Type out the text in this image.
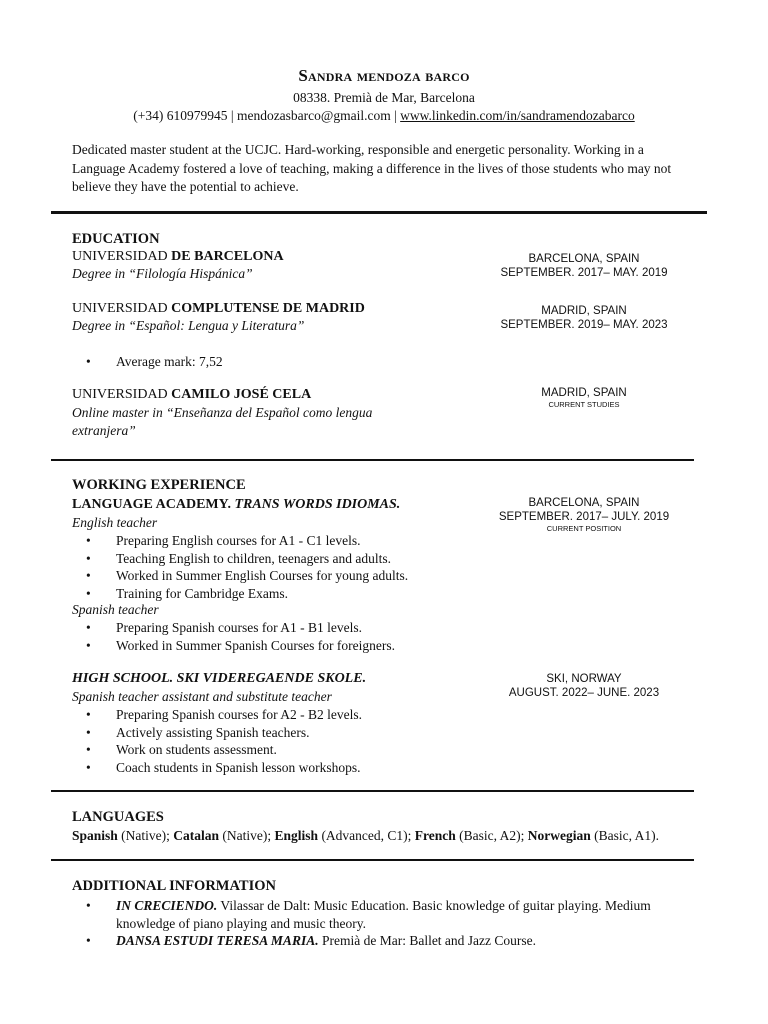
Sandra mendoza barco
08338. Premià de Mar, Barcelona
(+34) 610979945 | mendozasbarco@gmail.com | www.linkedin.com/in/sandramendozabarco
Dedicated master student at the UCJC. Hard-working, responsible and energetic personality. Working in a Language Academy fostered a love of teaching, making a difference in the lives of those students who may not believe they have the potential to achieve.
EDUCATION
UNIVERSIDAD DE BARCELONA
Degree in “Filología Hispánica”
BARCELONA, SPAIN
SEPTEMBER. 2017– MAY. 2019
UNIVERSIDAD COMPLUTENSE DE MADRID
Degree in “Español: Lengua y Literatura”
MADRID, SPAIN
SEPTEMBER. 2019– MAY. 2023
• Average mark: 7,52
UNIVERSIDAD CAMILO JOSÉ CELA
Online master in “Enseñanza del Español como lengua
extranjera”
MADRID, SPAIN
CURRENT STUDIES
WORKING EXPERIENCE
LANGUAGE ACADEMY. TRANS WORDS IDIOMAS.	BARCELONA, SPAIN
SEPTEMBER. 2017– JULY. 2019
CURRENT POSITION
English teacher
• Preparing English courses for A1 - C1 levels.
• Teaching English to children, teenagers and adults.
• Worked in Summer English Courses for young adults.
• Training for Cambridge Exams.
Spanish teacher
• Preparing Spanish courses for A1 - B1 levels.
• Worked in Summer Spanish Courses for foreigners.
HIGH SCHOOL. SKI VIDEREGAENDE SKOLE.	SKI, NORWAY
AUGUST. 2022– JUNE. 2023
Spanish teacher assistant and substitute teacher
• Preparing Spanish courses for A2 - B2 levels.
• Actively assisting Spanish teachers.
• Work on students assessment.
• Coach students in Spanish lesson workshops.
LANGUAGES
Spanish (Native); Catalan (Native); English (Advanced, C1); French (Basic, A2); Norwegian (Basic, A1).
ADDITIONAL INFORMATION
• IN CRECIENDO. Vilassar de Dalt: Music Education. Basic knowledge of guitar playing. Medium knowledge of piano playing and music theory.
• DANSA ESTUDI TERESA MARIA. Premià de Mar: Ballet and Jazz Course.
